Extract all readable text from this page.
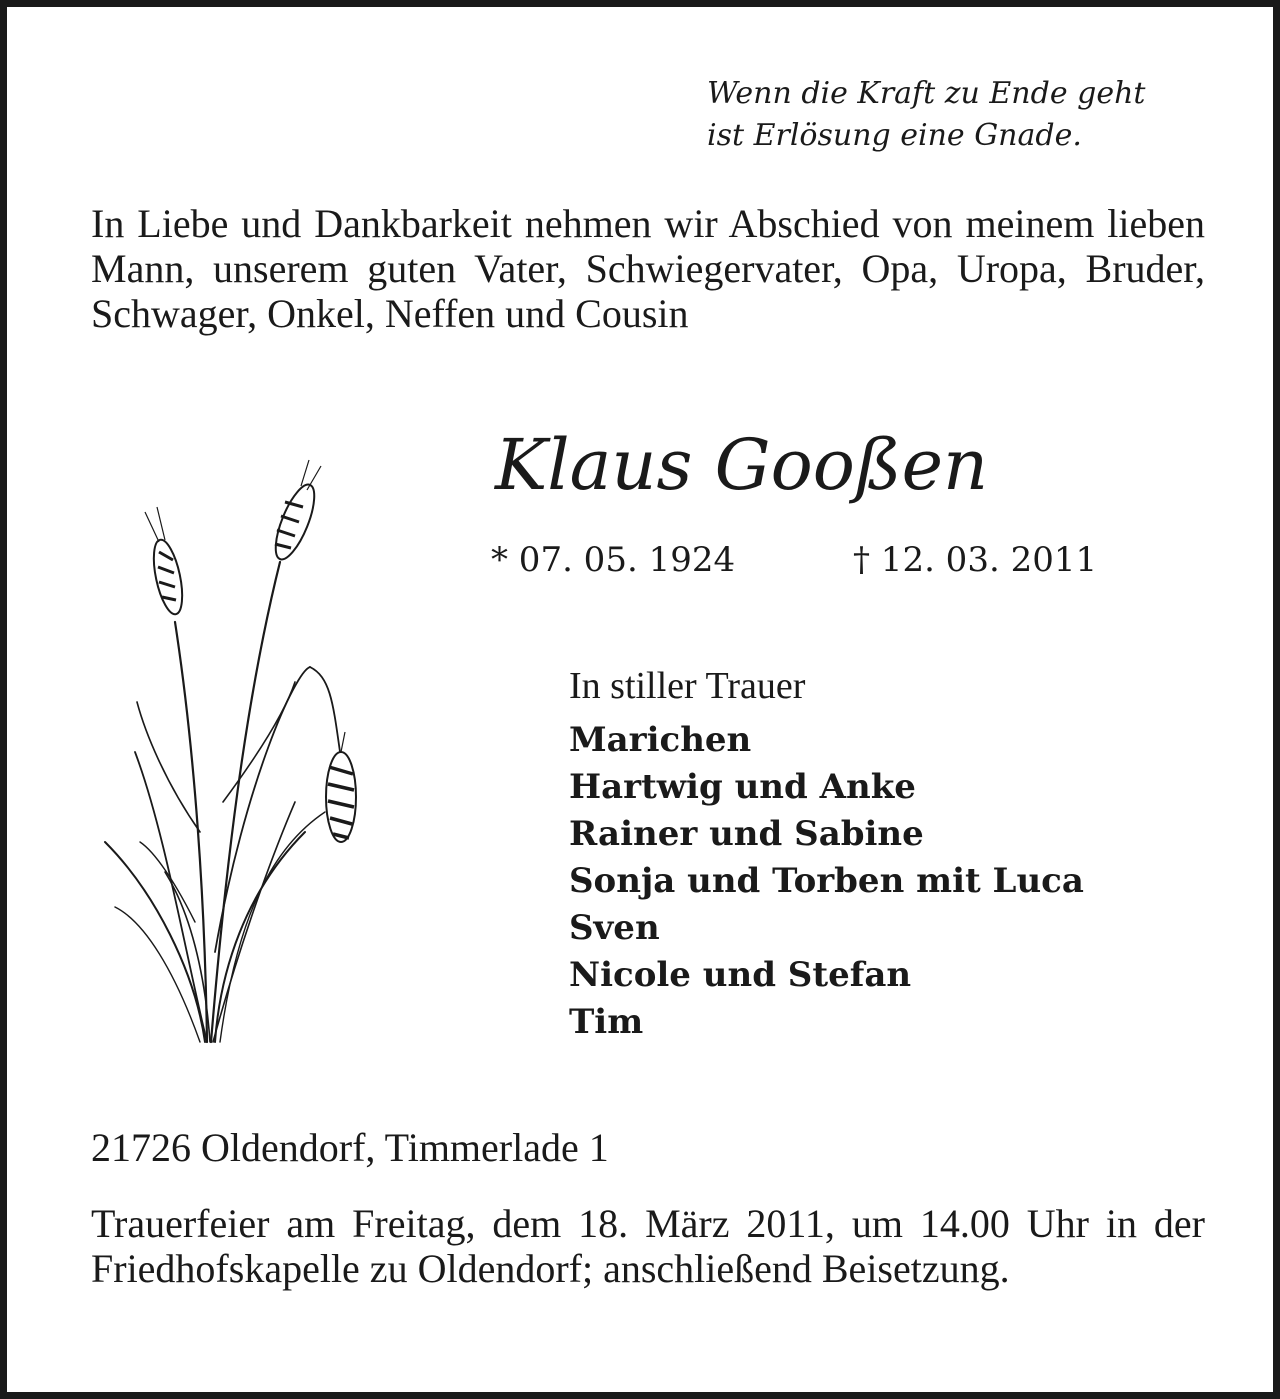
Wenn die Kraft zu Ende geht
ist Erlösung eine Gnade.
In Liebe und Dankbarkeit nehmen wir Abschied von meinem lieben Mann, unserem guten Vater, Schwiegervater, Opa, Uropa, Bruder, Schwager, Onkel, Neffen und Cousin
Klaus Gooßen
* 07. 05. 1924	† 12. 03. 2011
In stiller Trauer
Marichen
Hartwig und Anke
Rainer und Sabine
Sonja und Torben mit Luca
Sven
Nicole und Stefan
Tim
21726 Oldendorf, Timmerlade 1
Trauerfeier am Freitag, dem 18. März 2011, um 14.00 Uhr in der Friedhofskapelle zu Oldendorf; anschließend Beisetzung.
